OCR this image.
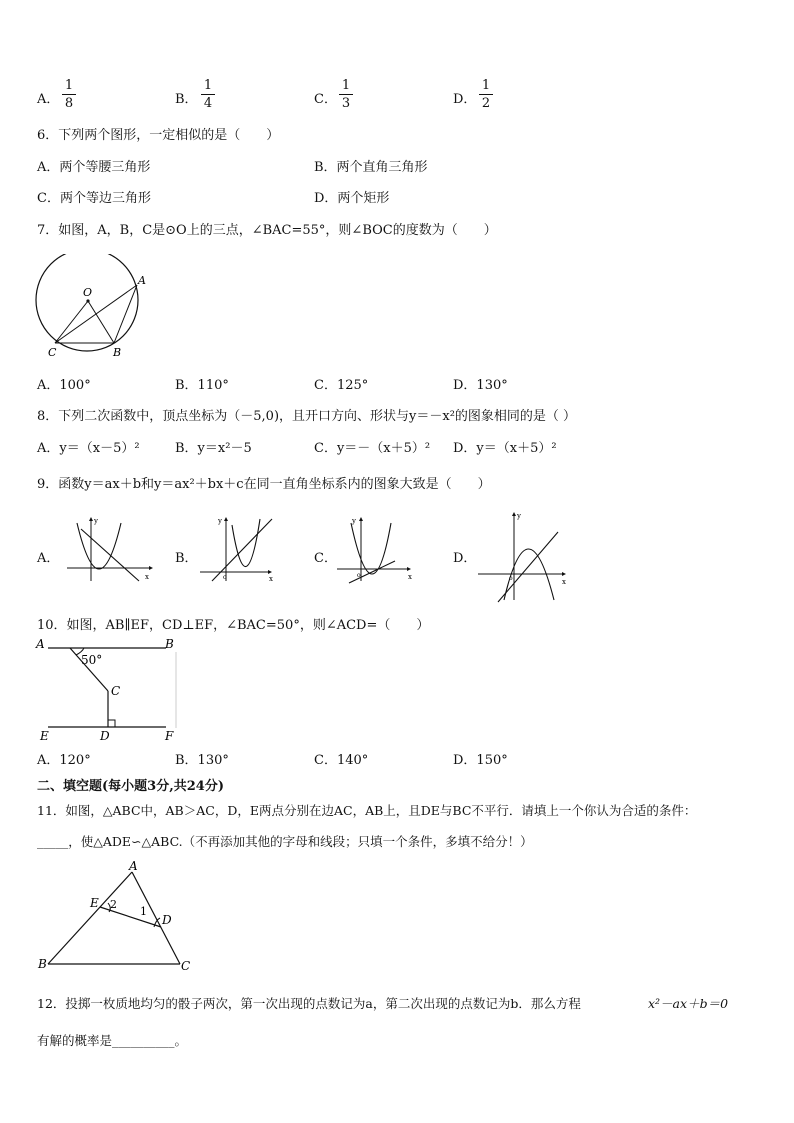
A．
1
8	B．
1
4	C．
1
3	D．
1
2
6．下列两个图形，一定相似的是（　　）
A．两个等腰三角形	B．两个直角三角形
C．两个等边三角形	D．两个矩形
7．如图，A，B，C是⊙O上的三点，∠BAC=55°，则∠BOC的度数为（　　）
O
A
B
C
A．100°	B．110°	C．125°	D．130°
8．下列二次函数中，顶点坐标为（－5,0)，且开口方向、形状与y＝－x²的图象相同的是（ ）
A．y＝（x－5）²	B．y＝x²－5	C．y＝－（x＋5）² D．y＝（x＋5）²
9．函数y＝ax＋b和y＝ax²＋bx＋c在同一直角坐标系内的图象大致是（　　）
A．
x
y
B．
o	x
y
C．
o	x
y
D．
o	x
y
10．如图，AB∥EF，CD⊥EF，∠BAC=50°，则∠ACD=（　　）
50°
A	B
C
D
E	F
A．120°	B．130°	C．140°	D．150°
二、填空题(每小题3分,共24分)
11．如图，△ABC中，AB＞AC，D，E两点分别在边AC，AB上，且DE与BC不平行．请填上一个你认为合适的条件：
_____，使△ADE∽△ABC.（不再添加其他的字母和线段；只填一个条件，多填不给分！）
A
B	C
D
E
1
2
12．投掷一枚质地均匀的骰子两次，第一次出现的点数记为a，第二次出现的点数记为b．那么方程	x²－ax＋b＝0
有解的概率是__________。
